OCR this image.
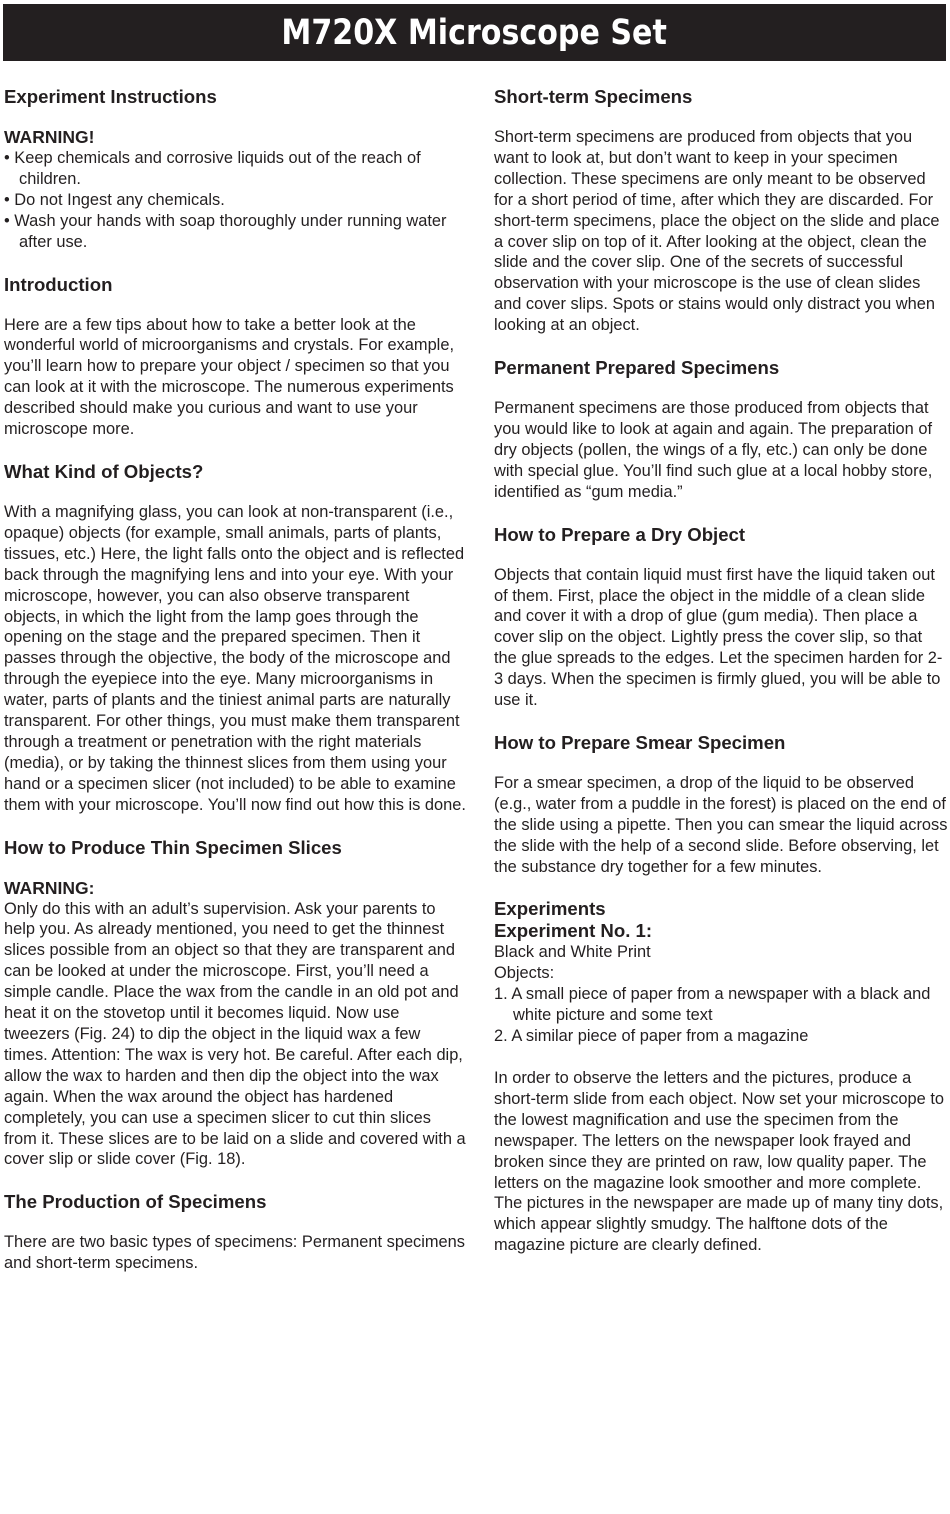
M720X Microscope Set

Experiment Instructions

WARNING!

• Keep chemicals and corrosive liquids out of the reach of children.
• Do not Ingest any chemicals.
• Wash your hands with soap thoroughly under running water after use.

Introduction

Here are a few tips about how to take a better look at the wonderful world of microorganisms and crystals. For example, you’ll learn how to prepare your object / specimen so that you can look at it with the microscope. The numerous experiments described should make you curious and want to use your microscope more.

What Kind of Objects?

With a magnifying glass, you can look at non-transparent (i.e., opaque) objects (for example, small animals, parts of plants, tissues, etc.) Here, the light falls onto the object and is reflected back through the magnifying lens and into your eye. With your microscope, however, you can also observe transparent objects, in which the light from the lamp goes through the opening on the stage and the prepared specimen. Then it passes through the objective, the body of the microscope and through the eyepiece into the eye. Many microorganisms in water, parts of plants and the tiniest animal parts are naturally transparent. For other things, you must make them transparent through a treatment or penetration with the right materials (media), or by taking the thinnest slices from them using your hand or a specimen slicer (not included) to be able to examine them with your microscope. You’ll now find out how this is done.

How to Produce Thin Specimen Slices

WARNING:

Only do this with an adult’s supervision. Ask your parents to help you. As already mentioned, you need to get the thinnest slices possible from an object so that they are transparent and can be looked at under the microscope. First, you’ll need a simple candle. Place the wax from the candle in an old pot and heat it on the stovetop until it becomes liquid. Now use tweezers (Fig. 24) to dip the object in the liquid wax a few times. Attention: The wax is very hot. Be careful. After each dip, allow the wax to harden and then dip the object into the wax again. When the wax around the object has hardened completely, you can use a specimen slicer to cut thin slices from it. These slices are to be laid on a slide and covered with a cover slip or slide cover (Fig. 18).

The Production of Specimens

There are two basic types of specimens: Permanent specimens and short-term specimens.

Short-term Specimens

Short-term specimens are produced from objects that you want to look at, but don’t want to keep in your specimen collection. These specimens are only meant to be observed for a short period of time, after which they are discarded. For short-term specimens, place the object on the slide and place a cover slip on top of it. After looking at the object, clean the slide and the cover slip. One of the secrets of successful observation with your microscope is the use of clean slides and cover slips. Spots or stains would only distract you when looking at an object.

Permanent Prepared Specimens

Permanent specimens are those produced from objects that you would like to look at again and again. The preparation of dry objects (pollen, the wings of a fly, etc.) can only be done with special glue. You’ll find such glue at a local hobby store, identified as “gum media.”

How to Prepare a Dry Object

Objects that contain liquid must first have the liquid taken out of them. First, place the object in the middle of a clean slide and cover it with a drop of glue (gum media). Then place a cover slip on the object. Lightly press the cover slip, so that the glue spreads to the edges. Let the specimen harden for 2-3 days. When the specimen is firmly glued, you will be able to use it.

How to Prepare Smear Specimen

For a smear specimen, a drop of the liquid to be observed (e.g., water from a puddle in the forest) is placed on the end of the slide using a pipette. Then you can smear the liquid across the slide with the help of a second slide. Before observing, let the substance dry together for a few minutes.

Experiments

Experiment No. 1:

Black and White Print

Objects:

1. A small piece of paper from a newspaper with a black and white picture and some text
2. A similar piece of paper from a magazine

In order to observe the letters and the pictures, produce a short-term slide from each object. Now set your microscope to the lowest magnification and use the specimen from the newspaper. The letters on the newspaper look frayed and broken since they are printed on raw, low quality paper. The letters on the magazine look smoother and more complete. The pictures in the newspaper are made up of many tiny dots, which appear slightly smudgy. The halftone dots of the magazine picture are clearly defined.
